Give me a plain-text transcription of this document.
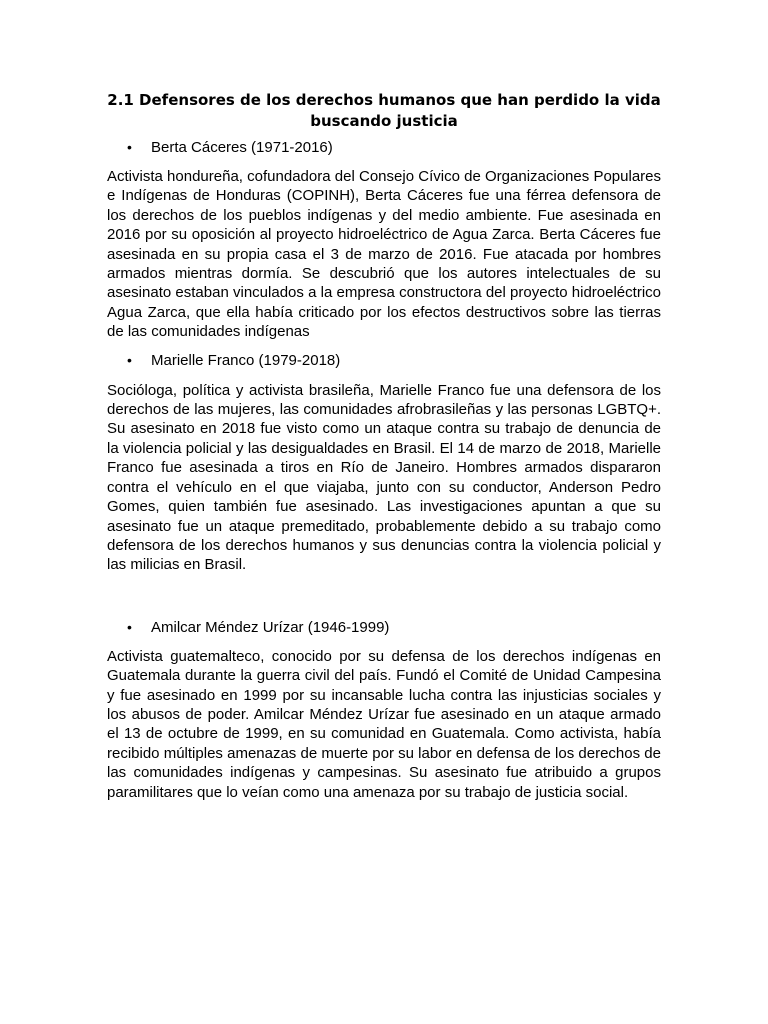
2.1 Defensores de los derechos humanos que han perdido la vida buscando justicia

• Berta Cáceres (1971-2016)

Activista hondureña, cofundadora del Consejo Cívico de Organizaciones Populares e Indígenas de Honduras (COPINH), Berta Cáceres fue una férrea defensora de los derechos de los pueblos indígenas y del medio ambiente. Fue asesinada en 2016 por su oposición al proyecto hidroeléctrico de Agua Zarca. Berta Cáceres fue asesinada en su propia casa el 3 de marzo de 2016. Fue atacada por hombres armados mientras dormía. Se descubrió que los autores intelectuales de su asesinato estaban vinculados a la empresa constructora del proyecto hidroeléctrico Agua Zarca, que ella había criticado por los efectos destructivos sobre las tierras de las comunidades indígenas

• Marielle Franco (1979-2018)

Socióloga, política y activista brasileña, Marielle Franco fue una defensora de los derechos de las mujeres, las comunidades afrobrasileñas y las personas LGBTQ+. Su asesinato en 2018 fue visto como un ataque contra su trabajo de denuncia de la violencia policial y las desigualdades en Brasil. El 14 de marzo de 2018, Marielle Franco fue asesinada a tiros en Río de Janeiro. Hombres armados dispararon contra el vehículo en el que viajaba, junto con su conductor, Anderson Pedro Gomes, quien también fue asesinado. Las investigaciones apuntan a que su asesinato fue un ataque premeditado, probablemente debido a su trabajo como defensora de los derechos humanos y sus denuncias contra la violencia policial y las milicias en Brasil.

• Amilcar Méndez Urízar (1946-1999)

Activista guatemalteco, conocido por su defensa de los derechos indígenas en Guatemala durante la guerra civil del país. Fundó el Comité de Unidad Campesina y fue asesinado en 1999 por su incansable lucha contra las injusticias sociales y los abusos de poder. Amilcar Méndez Urízar fue asesinado en un ataque armado el 13 de octubre de 1999, en su comunidad en Guatemala. Como activista, había recibido múltiples amenazas de muerte por su labor en defensa de los derechos de las comunidades indígenas y campesinas. Su asesinato fue atribuido a grupos paramilitares que lo veían como una amenaza por su trabajo de justicia social.
